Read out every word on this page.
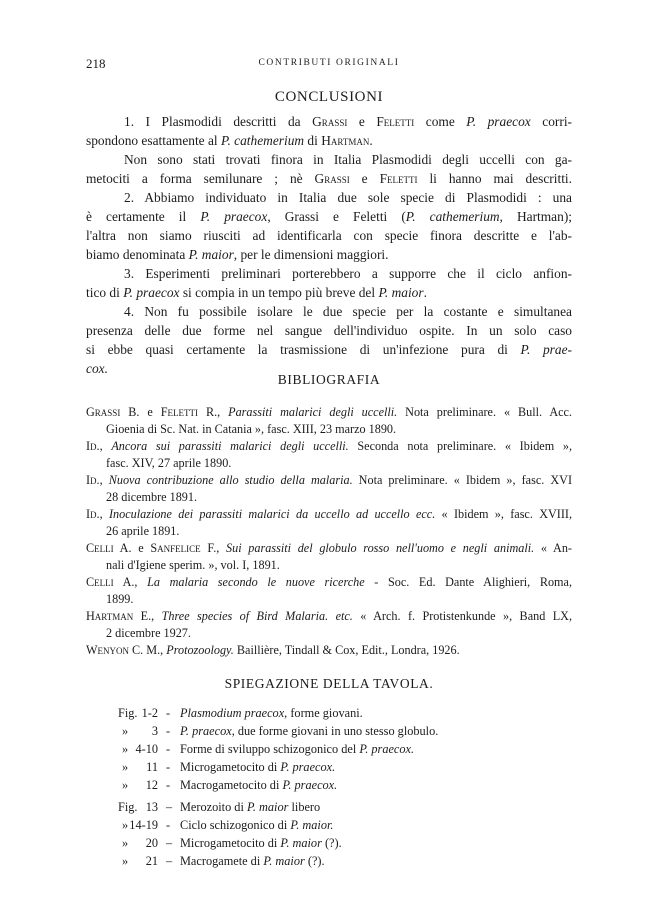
218	CONTRIBUTI ORIGINALI
CONCLUSIONI
1. I Plasmodidi descritti da Grassi e Feletti come P. praecox corri-
spondono esattamente al P. cathemerium di Hartman.
Non sono stati trovati finora in Italia Plasmodidi degli uccelli con ga-
metociti a forma semilunare ; nè Grassi e Feletti li hanno mai descritti.
2. Abbiamo individuato in Italia due sole specie di Plasmodidi : una
è certamente il P. praecox, Grassi e Feletti (P. cathemerium, Hartman);
l'altra non siamo riusciti ad identificarla con specie finora descritte e l'ab-
biamo denominata P. maior, per le dimensioni maggiori.
3. Esperimenti preliminari porterebbero a supporre che il ciclo anfion-
tico di P. praecox si compia in un tempo più breve del P. maior.
4. Non fu possibile isolare le due specie per la costante e simultanea
presenza delle due forme nel sangue dell'individuo ospite. In un solo caso
si ebbe quasi certamente la trasmissione di un'infezione pura di P. prae-
cox.
BIBLIOGRAFIA
Grassi B. e Feletti R., Parassiti malarici degli uccelli. Nota preliminare. « Bull. Acc.
Gioenia di Sc. Nat. in Catania », fasc. XIII, 23 marzo 1890.
Id., Ancora sui parassiti malarici degli uccelli. Seconda nota preliminare. « Ibidem »,
fasc. XIV, 27 aprile 1890.
Id., Nuova contribuzione allo studio della malaria. Nota preliminare. « Ibidem », fasc. XVI
28 dicembre 1891.
Id., Inoculazione dei parassiti malarici da uccello ad uccello ecc. « Ibidem », fasc. XVIII,
26 aprile 1891.
Celli A. e Sanfelice F., Sui parassiti del globulo rosso nell'uomo e negli animali. « An-
nali d'Igiene sperim. », vol. I, 1891.
Celli A., La malaria secondo le nuove ricerche - Soc. Ed. Dante Alighieri, Roma,
1899.
Hartman E., Three species of Bird Malaria. etc. « Arch. f. Protistenkunde », Band LX,
2 dicembre 1927.
Wenyon C. M., Protozoology. Baillière, Tindall & Cox, Edit., Londra, 1926.
SPIEGAZIONE DELLA TAVOLA.
Fig. 1-2 - Plasmodium praecox, forme giovani.
»	3 - P. praecox, due forme giovani in uno stesso globulo.
» 4-10 - Forme di sviluppo schizogonico del P. praecox.
»	11 - Microgametocito di P. praecox.
»	12 - Macrogametocito di P. praecox.
Fig. 13 – Merozoito di P. maior libero
» 14-19 - Ciclo schizogonico di P. maior.
»	20 – Microgametocito di P. maior (?).
»	21 – Macrogamete di P. maior (?).
